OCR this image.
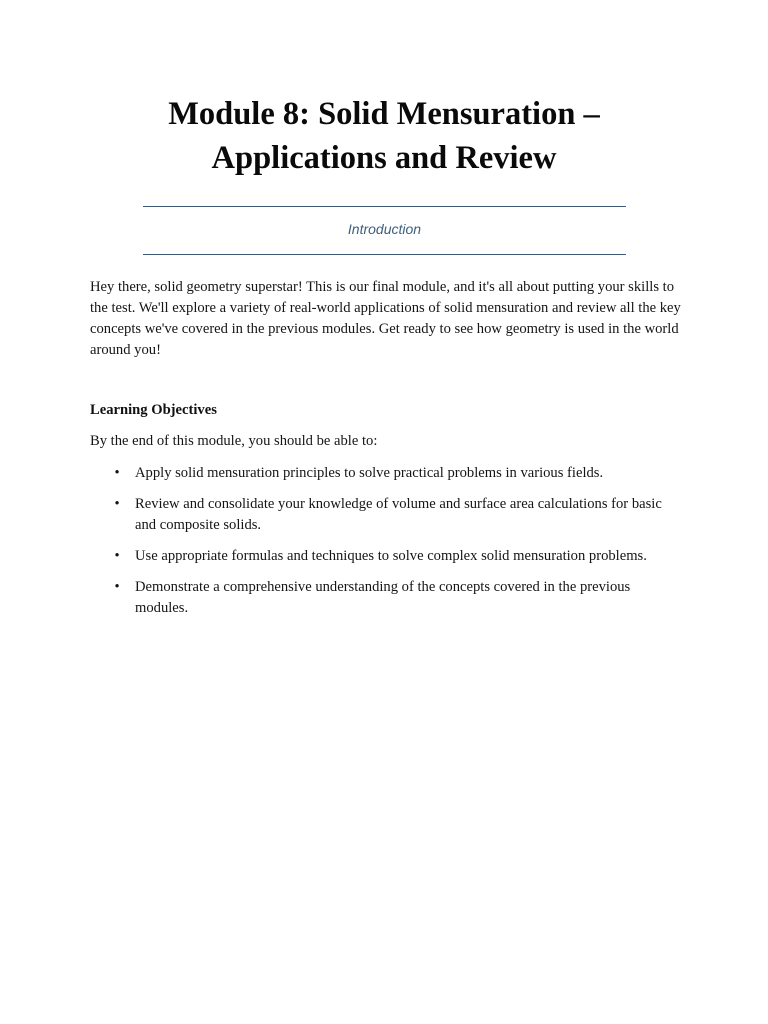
Module 8: Solid Mensuration –
Applications and Review
Introduction

Hey there, solid geometry superstar! This is our final module, and it's all about putting your skills to the test. We'll explore a variety of real-world applications of solid mensuration and review all the key concepts we've covered in the previous modules. Get ready to see how geometry is used in the world around you!

Learning Objectives

By the end of this module, you should be able to:

• Apply solid mensuration principles to solve practical problems in various fields.
• Review and consolidate your knowledge of volume and surface area calculations for basic and composite solids.
• Use appropriate formulas and techniques to solve complex solid mensuration problems.
• Demonstrate a comprehensive understanding of the concepts covered in the previous modules.
